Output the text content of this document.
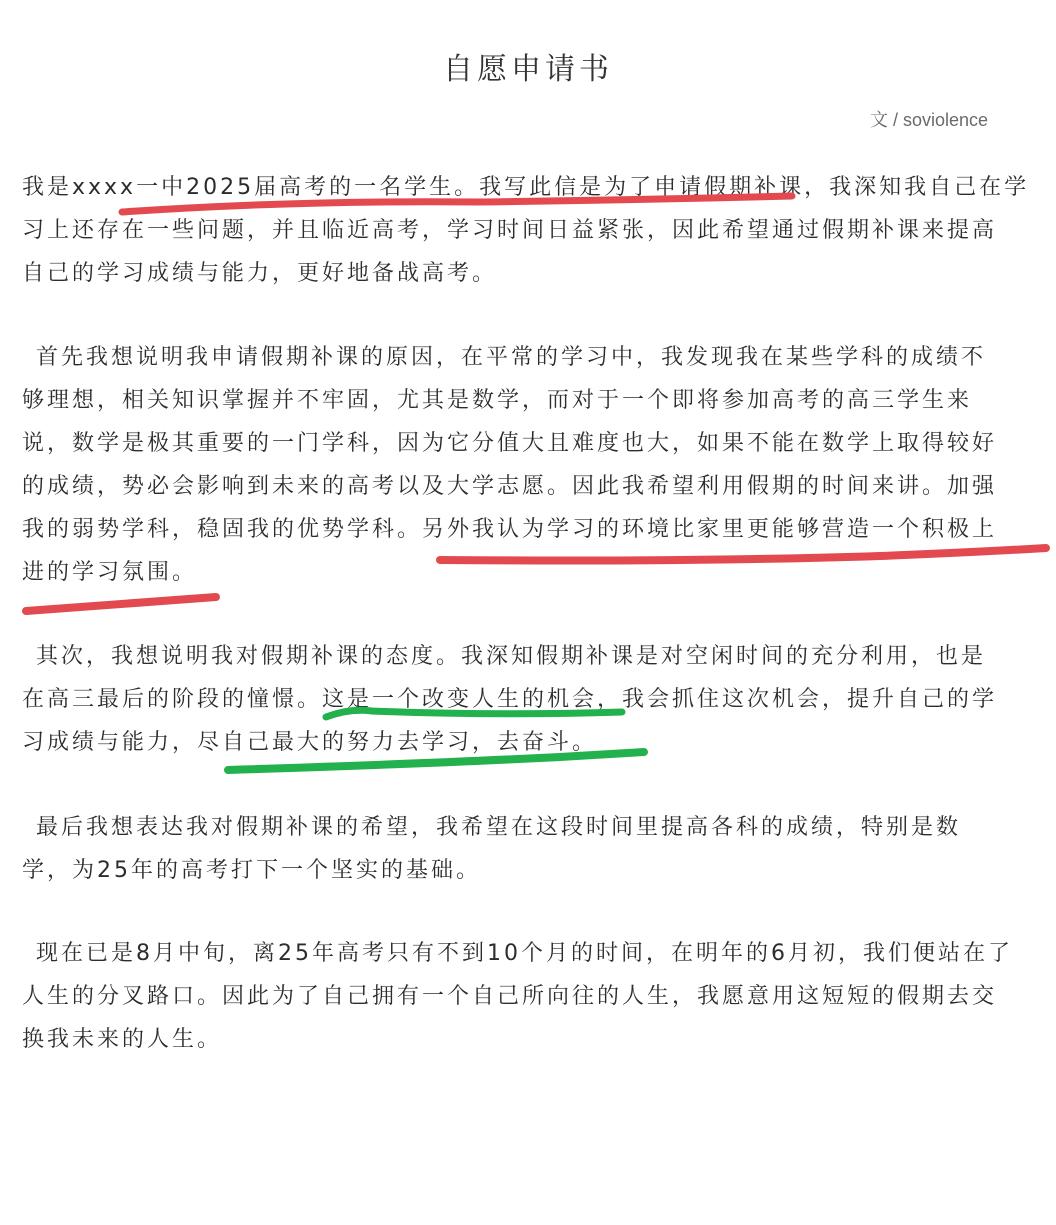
自愿申请书
文 / soviolence
我是xxxx一中2025届高考的一名学生。我写此信是为了申请假期补课，我深知我自己在学
习上还存在一些问题，并且临近高考，学习时间日益紧张，因此希望通过假期补课来提高
自己的学习成绩与能力，更好地备战高考。
首先我想说明我申请假期补课的原因，在平常的学习中，我发现我在某些学科的成绩不
够理想，相关知识掌握并不牢固，尤其是数学，而对于一个即将参加高考的高三学生来
说，数学是极其重要的一门学科，因为它分值大且难度也大，如果不能在数学上取得较好
的成绩，势必会影响到未来的高考以及大学志愿。因此我希望利用假期的时间来讲。加强
我的弱势学科，稳固我的优势学科。另外我认为学习的环境比家里更能够营造一个积极上
进的学习氛围。
其次，我想说明我对假期补课的态度。我深知假期补课是对空闲时间的充分利用，也是
在高三最后的阶段的憧憬。这是一个改变人生的机会，我会抓住这次机会，提升自己的学
习成绩与能力，尽自己最大的努力去学习，去奋斗。
最后我想表达我对假期补课的希望，我希望在这段时间里提高各科的成绩，特别是数
学，为25年的高考打下一个坚实的基础。
现在已是8月中旬，离25年高考只有不到10个月的时间，在明年的6月初，我们便站在了
人生的分叉路口。因此为了自己拥有一个自己所向往的人生，我愿意用这短短的假期去交
换我未来的人生。
